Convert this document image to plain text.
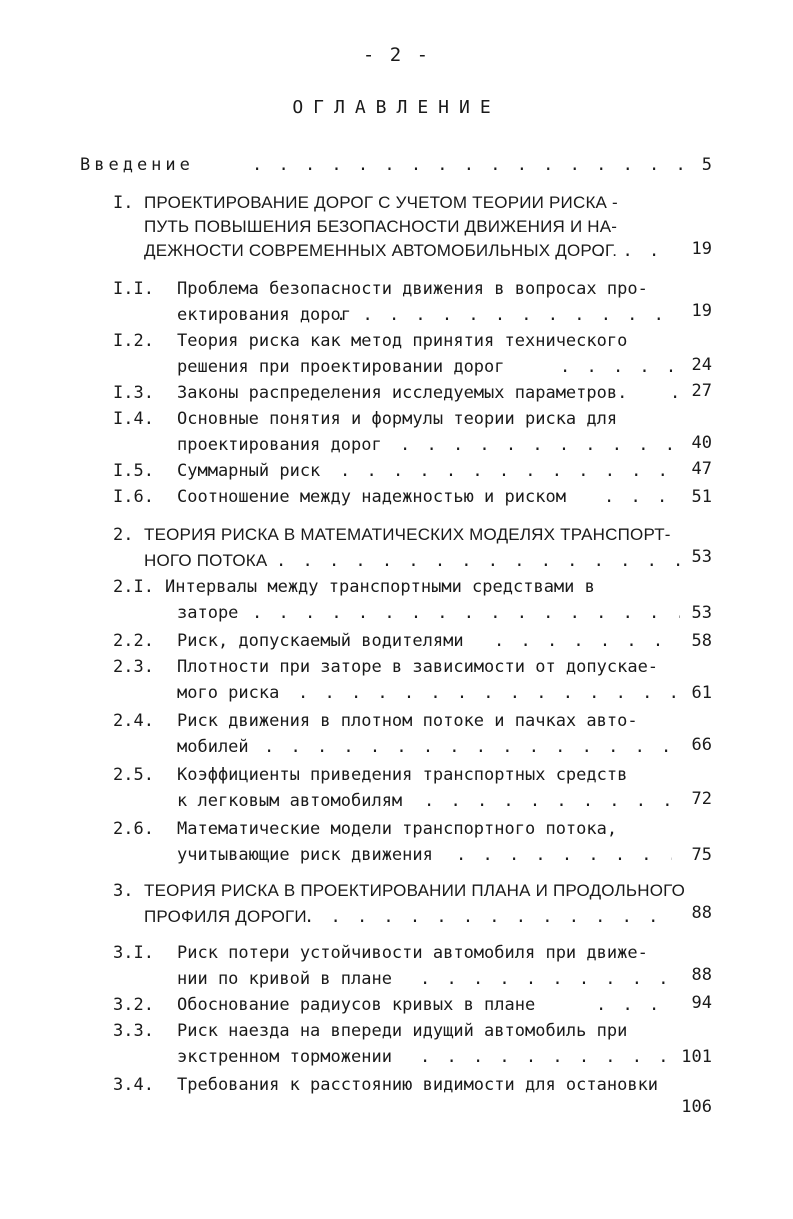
- 2 -
ОГЛАВЛЕНИЕ
Введение . . .	5
I. ПРОЕКТИРОВАНИЕ ДОРОГ С УЧЕТОМ ТЕОРИИ РИСКА -
ПУТЬ ПОВЫШЕНИЯ БЕЗОПАСНОСТИ ДВИЖЕНИЯ И НА-
ДЕЖНОСТИ СОВРЕМЕННЫХ АВТОМОБИЛЬНЫХ ДОРОГ. . . .	19
I.I. Проблема безопасности движения в вопросах про-
ектирования дорог . . .	19
I.2. Теория риска как метод принятия технического
решения при проектировании дорог . . .	24
I.3. Законы распределения исследуемых параметров. . . .	27
I.4. Основные понятия и формулы теории риска для
проектирования дорог . . .	40
I.5. Суммарный риск . . .	47
I.6. Соотношение между надежностью и риском . . .	51
2. ТЕОРИЯ РИСКА В МАТЕМАТИЧЕСКИХ МОДЕЛЯХ ТРАНСПОРТ-
НОГО ПОТОКА . . .	53
2.I. Интервалы между транспортными средствами в
заторе . . .	53
2.2. Риск, допускаемый водителями . . .	58
2.3. Плотности при заторе в зависимости от допускае-
мого риска . . .	61
2.4. Риск движения в плотном потоке и пачках авто-
мобилей . . .	66
2.5. Коэффициенты приведения транспортных средств
к легковым автомобилям . . .	72
2.6. Математические модели транспортного потока,
учитывающие риск движения . . .	75
3. ТЕОРИЯ РИСКА В ПРОЕКТИРОВАНИИ ПЛАНА И ПРОДОЛЬНОГО
ПРОФИЛЯ ДОРОГИ . . .	88
3.I. Риск потери устойчивости автомобиля при движе-
нии по кривой в плане . . .	88
3.2. Обоснование радиусов кривых в плане . . .	94
3.3. Риск наезда на впереди идущий автомобиль при
экстренном торможении . . .	101
3.4. Требования к расстоянию видимости для остановки
106
